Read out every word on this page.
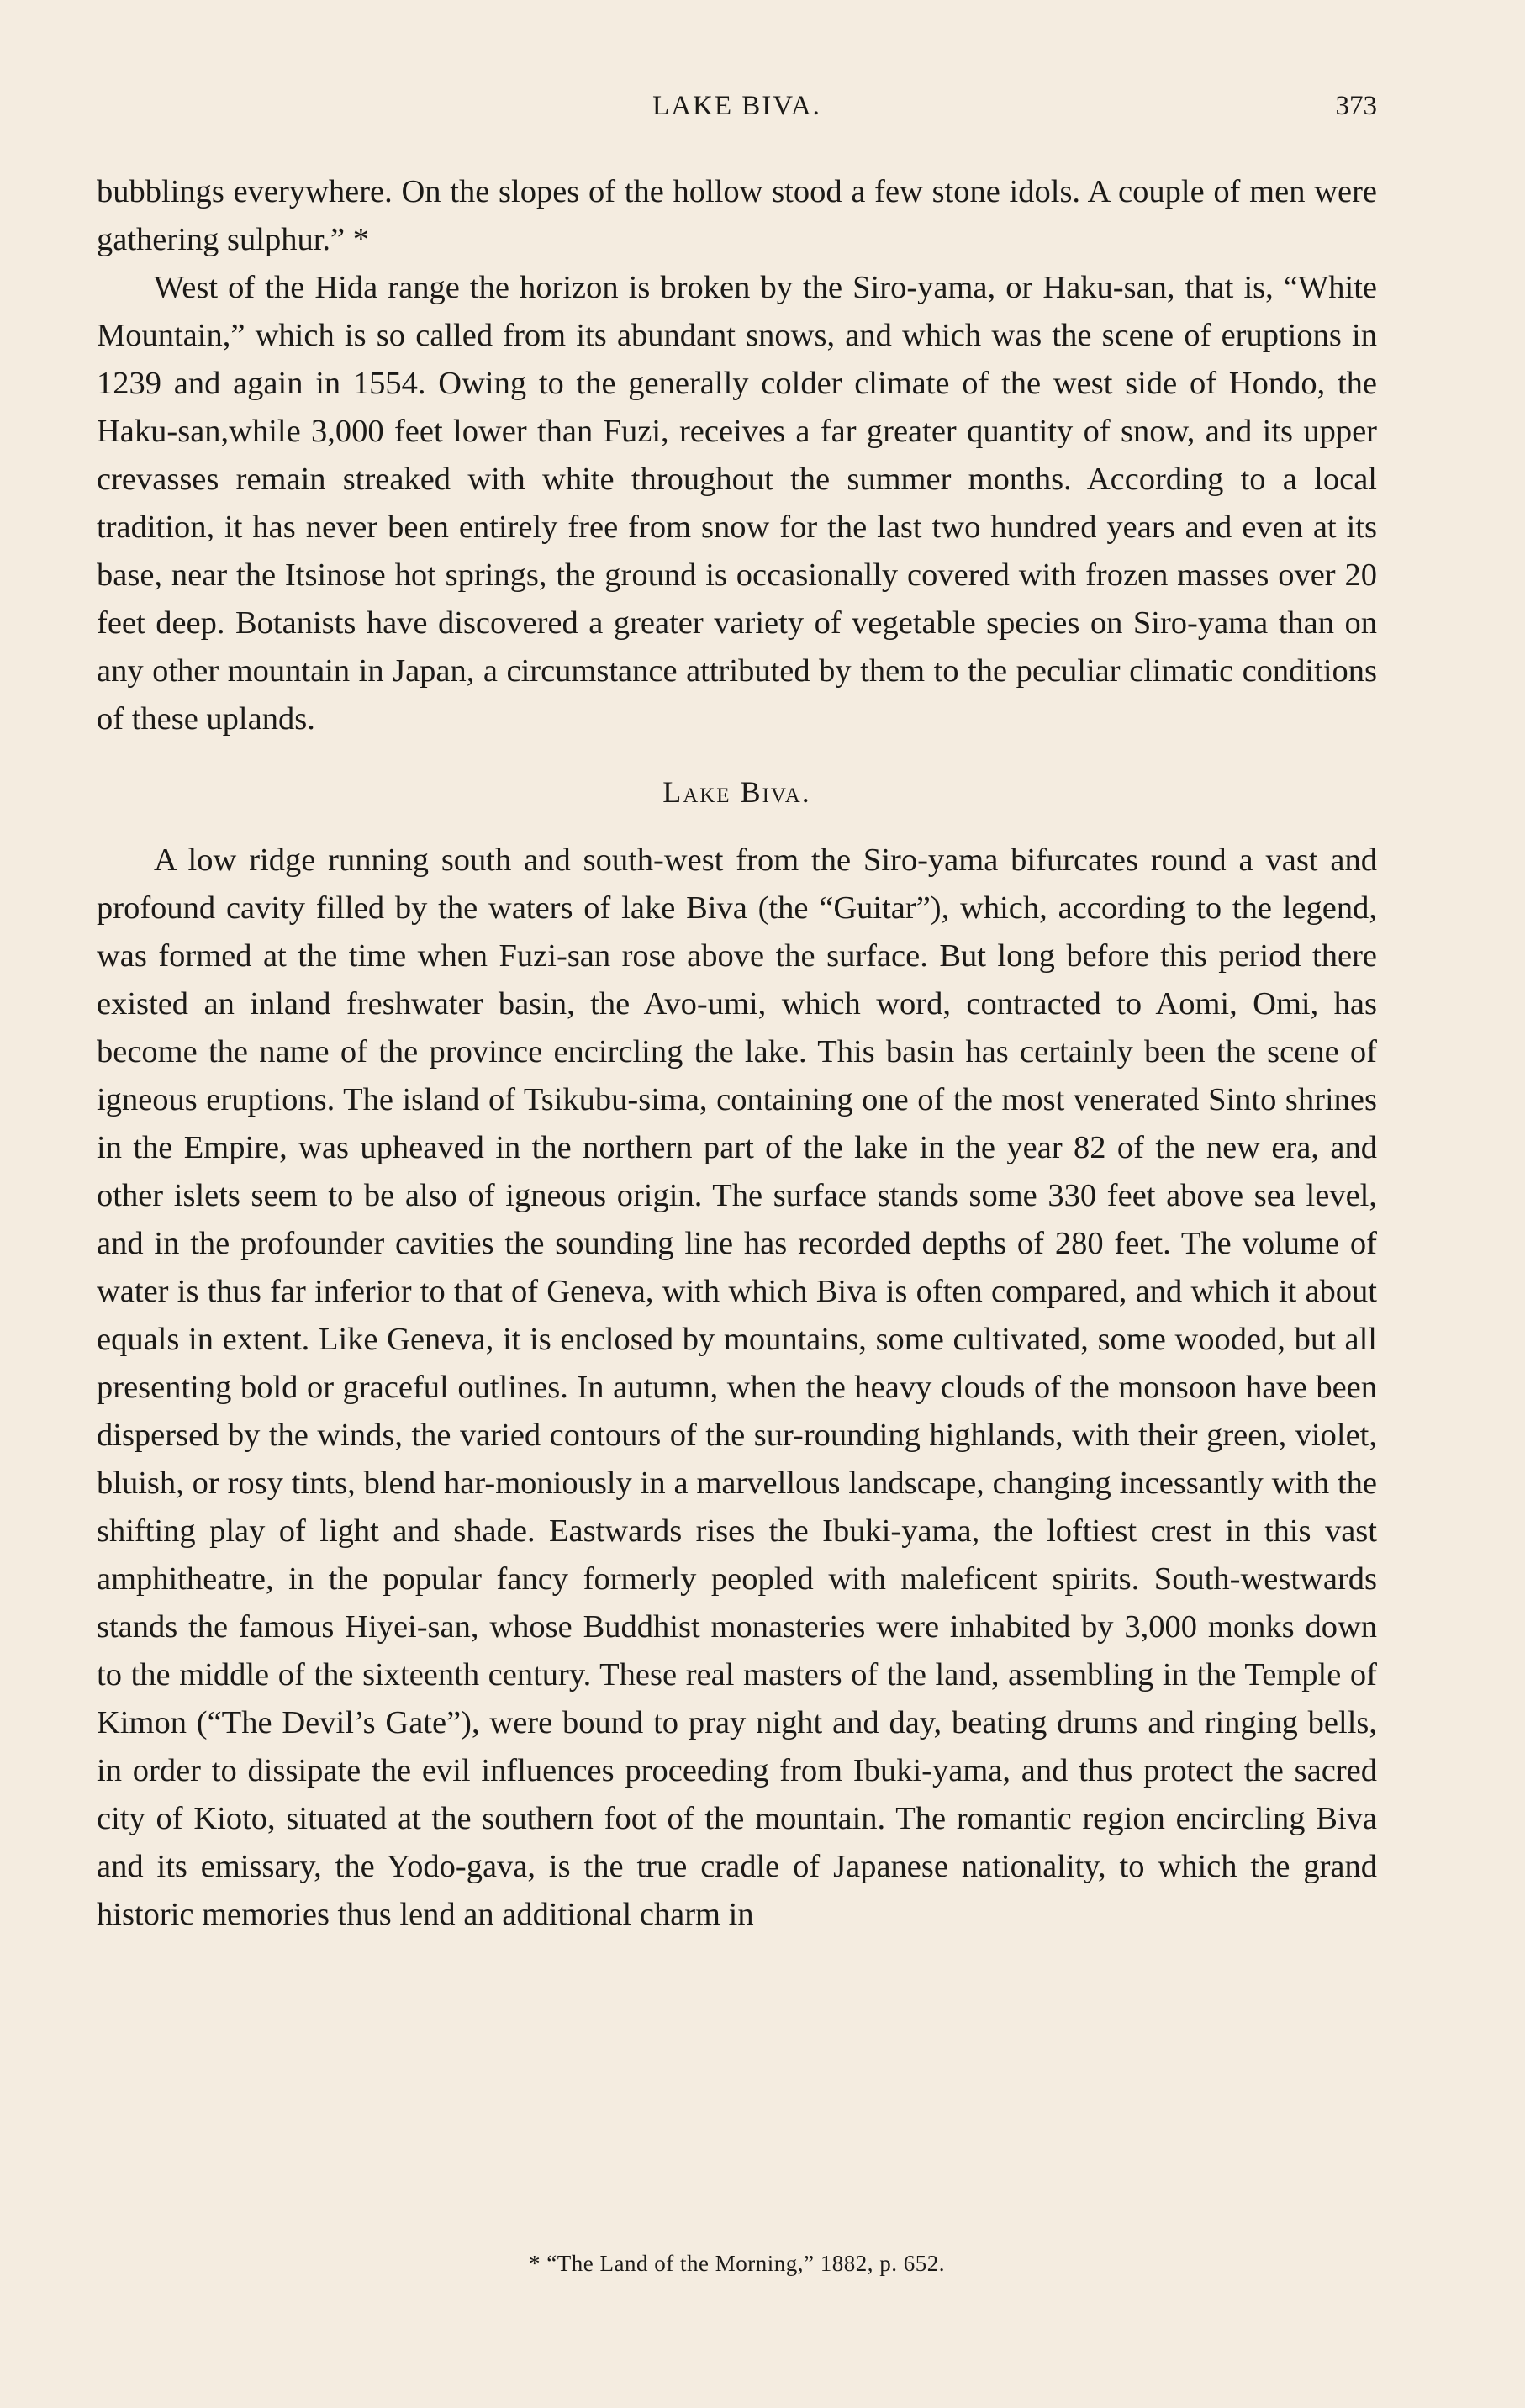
LAKE BIVA.	373

bubblings everywhere. On the slopes of the hollow stood a few stone idols. A couple of men were gathering sulphur.” *

West of the Hida range the horizon is broken by the Siro-yama, or Haku-san, that is, “White Mountain,” which is so called from its abundant snows, and which was the scene of eruptions in 1239 and again in 1554. Owing to the generally colder climate of the west side of Hondo, the Haku-san,while 3,000 feet lower than Fuzi, receives a far greater quantity of snow, and its upper crevasses remain streaked with white throughout the summer months. According to a local tradition, it has never been entirely free from snow for the last two hundred years and even at its base, near the Itsinose hot springs, the ground is occasionally covered with frozen masses over 20 feet deep. Botanists have discovered a greater variety of vegetable species on Siro-yama than on any other mountain in Japan, a circumstance attributed by them to the peculiar climatic conditions of these uplands.

Lake Biva.

A low ridge running south and south-west from the Siro-yama bifurcates round a vast and profound cavity filled by the waters of lake Biva (the “Guitar”), which, according to the legend, was formed at the time when Fuzi-san rose above the surface. But long before this period there existed an inland freshwater basin, the Avo-umi, which word, contracted to Aomi, Omi, has become the name of the province encircling the lake. This basin has certainly been the scene of igneous eruptions. The island of Tsikubu-sima, containing one of the most venerated Sinto shrines in the Empire, was upheaved in the northern part of the lake in the year 82 of the new era, and other islets seem to be also of igneous origin. The surface stands some 330 feet above sea level, and in the profounder cavities the sounding line has recorded depths of 280 feet. The volume of water is thus far inferior to that of Geneva, with which Biva is often compared, and which it about equals in extent. Like Geneva, it is enclosed by mountains, some cultivated, some wooded, but all presenting bold or graceful outlines. In autumn, when the heavy clouds of the monsoon have been dispersed by the winds, the varied contours of the sur-rounding highlands, with their green, violet, bluish, or rosy tints, blend har-moniously in a marvellous landscape, changing incessantly with the shifting play of light and shade. Eastwards rises the Ibuki-yama, the loftiest crest in this vast amphitheatre, in the popular fancy formerly peopled with maleficent spirits. South-westwards stands the famous Hiyei-san, whose Buddhist monasteries were inhabited by 3,000 monks down to the middle of the sixteenth century. These real masters of the land, assembling in the Temple of Kimon (“The Devil’s Gate”), were bound to pray night and day, beating drums and ringing bells, in order to dissipate the evil influences proceeding from Ibuki-yama, and thus protect the sacred city of Kioto, situated at the southern foot of the mountain. The romantic region encircling Biva and its emissary, the Yodo-gava, is the true cradle of Japanese nationality, to which the grand historic memories thus lend an additional charm in

* “The Land of the Morning,” 1882, p. 652.
